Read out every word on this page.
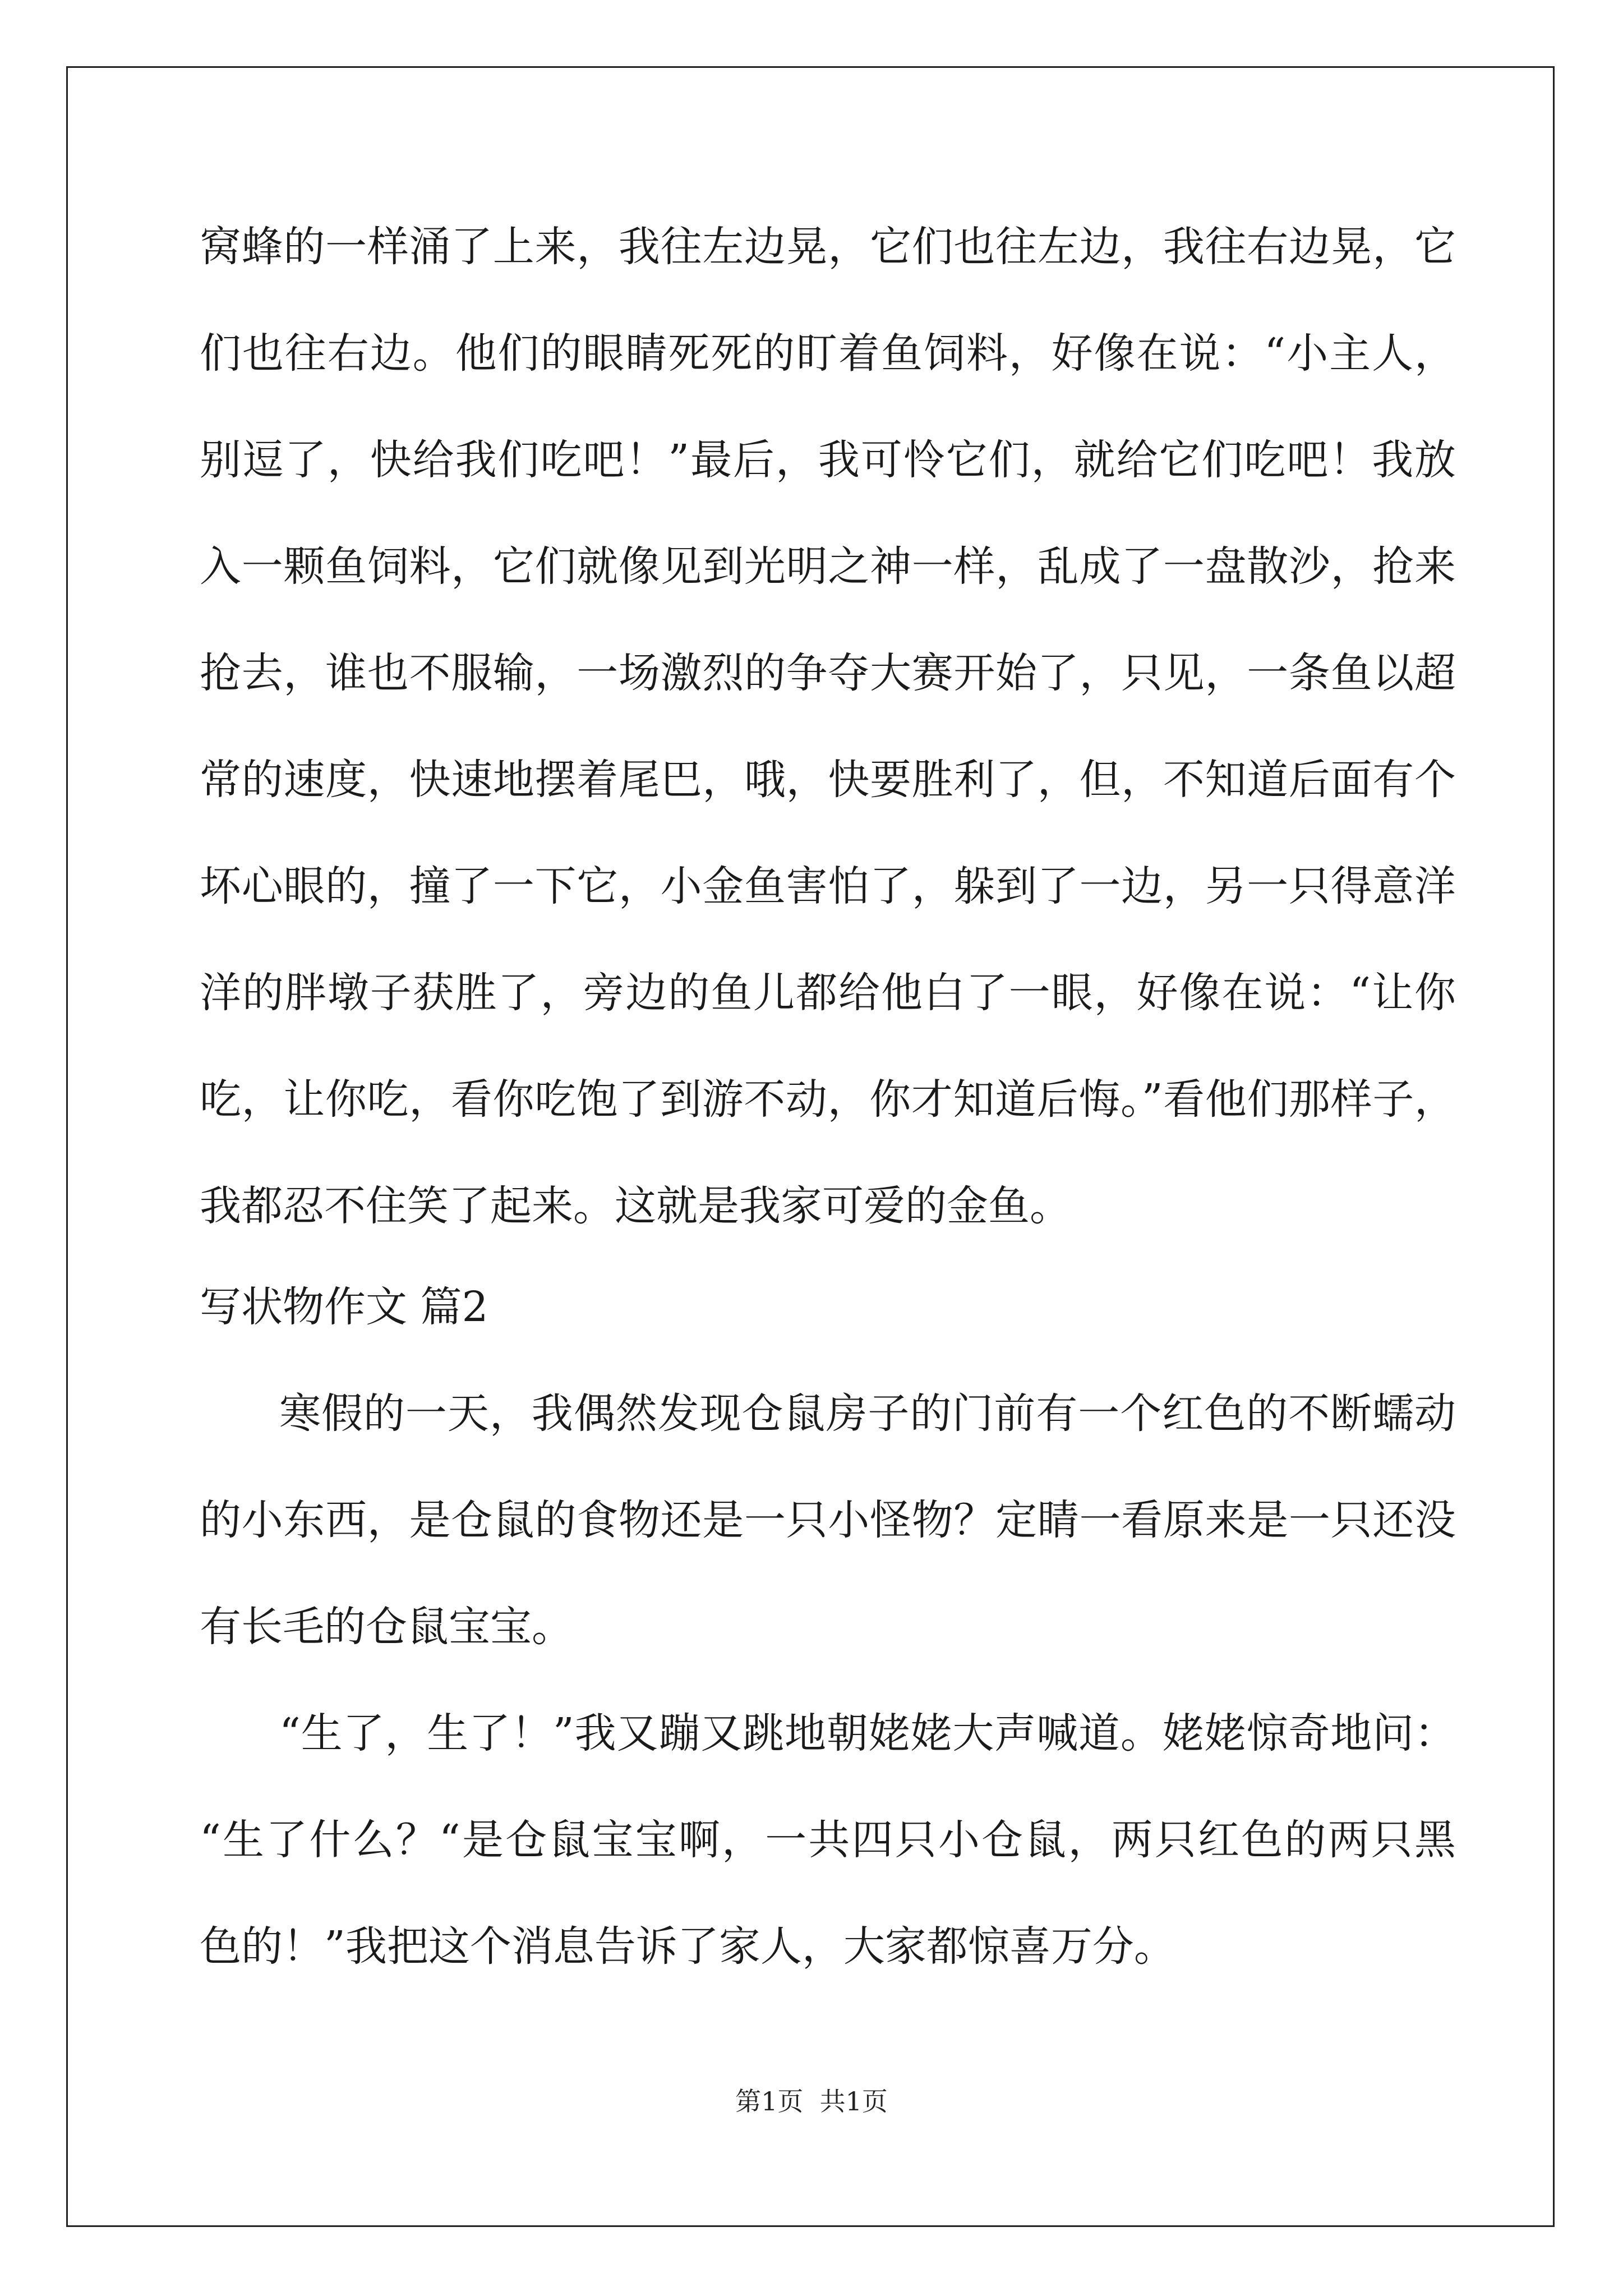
窝蜂的一样涌了上来，我往左边晃，它们也往左边，我往右边晃，它
们也往右边。他们的眼睛死死的盯着鱼饲料，好像在说：“小主人，
别逗了，快给我们吃吧！”最后，我可怜它们，就给它们吃吧！我放
入一颗鱼饲料，它们就像见到光明之神一样，乱成了一盘散沙，抢来
抢去，谁也不服输，一场激烈的争夺大赛开始了，只见，一条鱼以超
常的速度，快速地摆着尾巴，哦，快要胜利了，但，不知道后面有个
坏心眼的，撞了一下它，小金鱼害怕了，躲到了一边，另一只得意洋
洋的胖墩子获胜了，旁边的鱼儿都给他白了一眼，好像在说：“让你
吃，让你吃，看你吃饱了到游不动，你才知道后悔。”看他们那样子，
我都忍不住笑了起来。这就是我家可爱的金鱼。
写状物作文 篇2
寒假的一天，我偶然发现仓鼠房子的门前有一个红色的不断蠕动
的小东西，是仓鼠的食物还是一只小怪物？定睛一看原来是一只还没
有长毛的仓鼠宝宝。
“生了，生了！”我又蹦又跳地朝姥姥大声喊道。姥姥惊奇地问：
“生了什么？“是仓鼠宝宝啊，一共四只小仓鼠，两只红色的两只黑
色的！”我把这个消息告诉了家人，大家都惊喜万分。
第1页  共1页
